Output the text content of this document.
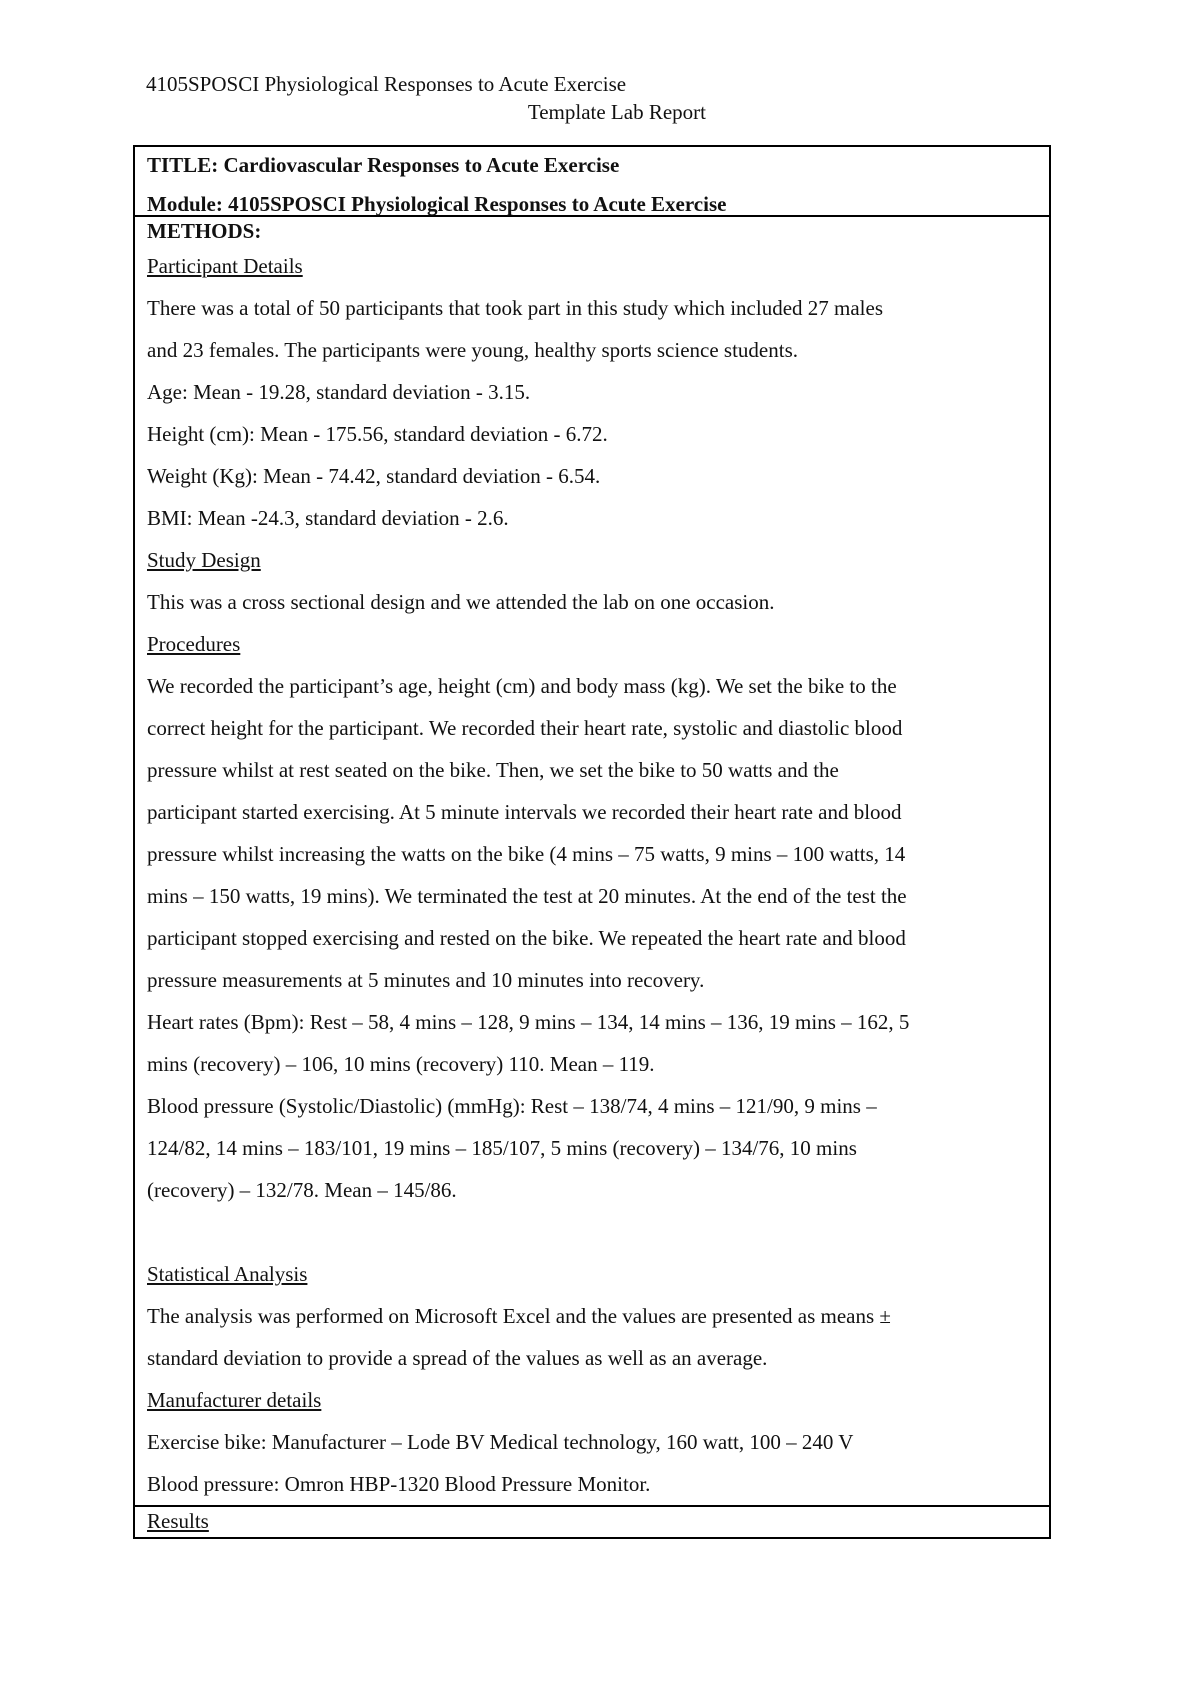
4105SPOSCI Physiological Responses to Acute Exercise
Template Lab Report
TITLE: Cardiovascular Responses to Acute Exercise
Module: 4105SPOSCI Physiological Responses to Acute Exercise
METHODS:
Participant Details
There was a total of 50 participants that took part in this study which included 27 males
and 23 females. The participants were young, healthy sports science students.
Age: Mean - 19.28, standard deviation - 3.15.
Height (cm): Mean - 175.56, standard deviation - 6.72.
Weight (Kg): Mean - 74.42, standard deviation - 6.54.
BMI: Mean -24.3, standard deviation - 2.6.
Study Design
This was a cross sectional design and we attended the lab on one occasion.
Procedures
We recorded the participant’s age, height (cm) and body mass (kg). We set the bike to the
correct height for the participant. We recorded their heart rate, systolic and diastolic blood
pressure whilst at rest seated on the bike. Then, we set the bike to 50 watts and the
participant started exercising. At 5 minute intervals we recorded their heart rate and blood
pressure whilst increasing the watts on the bike (4 mins – 75 watts, 9 mins – 100 watts, 14
mins – 150 watts, 19 mins). We terminated the test at 20 minutes. At the end of the test the
participant stopped exercising and rested on the bike. We repeated the heart rate and blood
pressure measurements at 5 minutes and 10 minutes into recovery.
Heart rates (Bpm): Rest – 58, 4 mins – 128, 9 mins – 134, 14 mins – 136, 19 mins – 162, 5
mins (recovery) – 106, 10 mins (recovery) 110. Mean – 119.
Blood pressure (Systolic/Diastolic) (mmHg): Rest – 138/74, 4 mins – 121/90, 9 mins –
124/82, 14 mins – 183/101, 19 mins – 185/107, 5 mins (recovery) – 134/76, 10 mins
(recovery) – 132/78. Mean – 145/86.
Statistical Analysis
The analysis was performed on Microsoft Excel and the values are presented as means ±
standard deviation to provide a spread of the values as well as an average.
Manufacturer details
Exercise bike: Manufacturer – Lode BV Medical technology, 160 watt, 100 – 240 V
Blood pressure: Omron HBP-1320 Blood Pressure Monitor.
Results
